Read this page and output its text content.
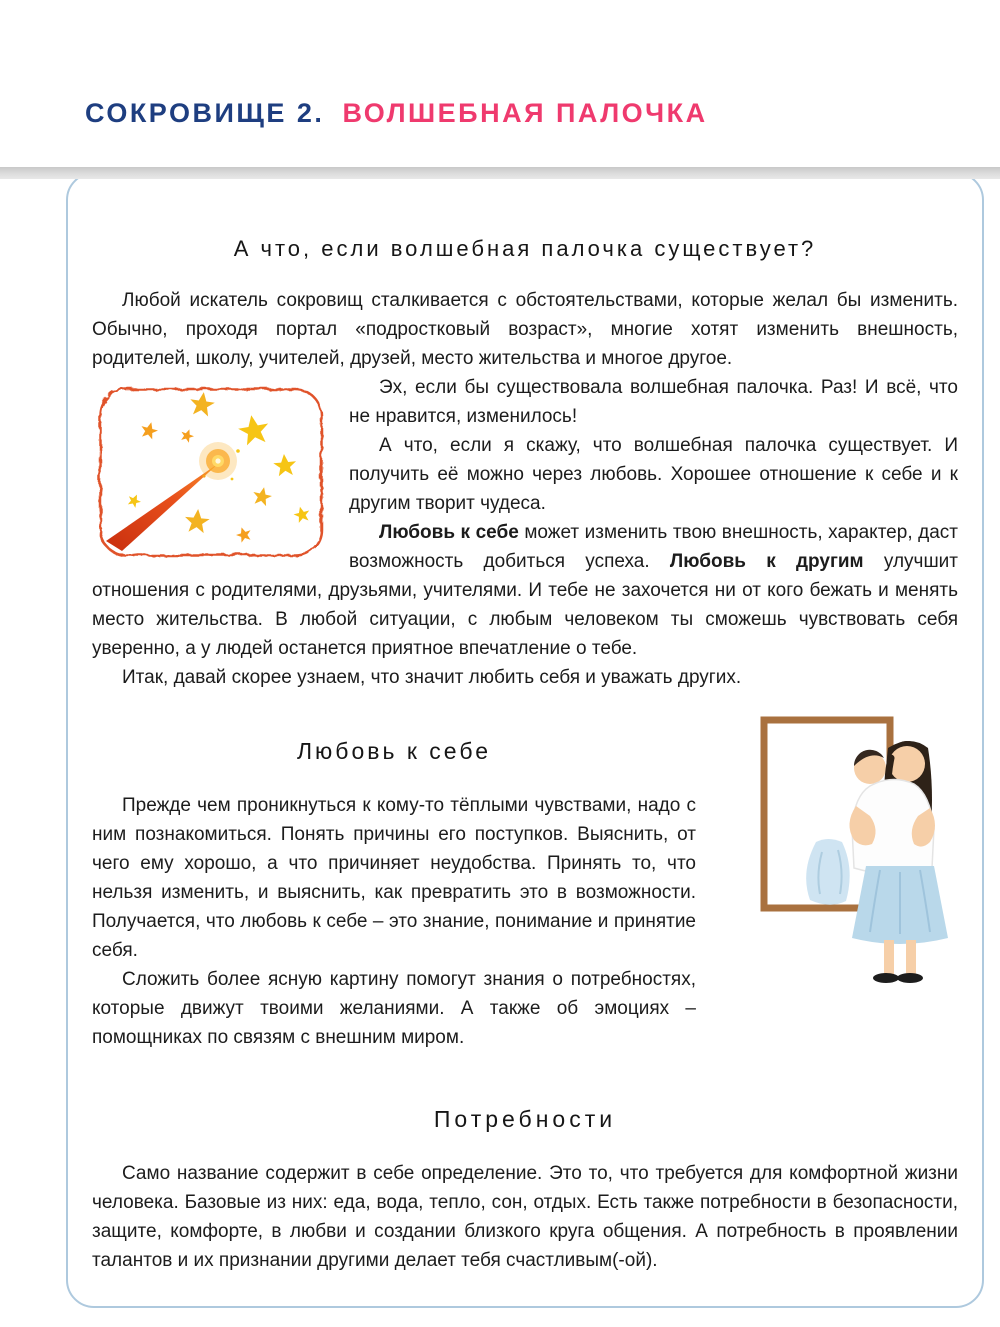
СОКРОВИЩЕ 2. ВОЛШЕБНАЯ ПАЛОЧКА
А что, если волшебная палочка существует?

Любой искатель сокровищ сталкивается с обстоятельствами, которые желал бы изменить. Обычно, проходя портал «подростковый возраст», многие хотят изменить внешность, родителей, школу, учителей, друзей, место жительства и многое другое.

Эх, если бы существовала волшебная палочка. Раз! И всё, что не нравится, изменилось!

А что, если я скажу, что волшебная палочка существует. И получить её можно через любовь. Хорошее отношение к себе и к другим творит чудеса.

Любовь к себе может изменить твою внешность, характер, даст возможность добиться успеха. Любовь к другим улучшит отношения с родителями, друзьями, учителями. И тебе не захочется ни от кого бежать и менять место жительства. В любой ситуации, с любым человеком ты сможешь чувствовать себя уверенно, а у людей останется приятное впечатление о тебе.

Итак, давай скорее узнаем, что значит любить себя и уважать других.

Любовь к себе

Прежде чем проникнуться к кому-то тёплыми чувствами, надо с ним познакомиться. Понять причины его поступков. Выяснить, от чего ему хорошо, а что причиняет неудобства. Принять то, что нельзя изменить, и выяснить, как превратить это в возможности. Получается, что любовь к себе – это знание, понимание и принятие себя.

Сложить более ясную картину помогут знания о потребностях, которые движут твоими желаниями. А также об эмоциях – помощниках по связям с внешним миром.

Потребности

Само название содержит в себе определение. Это то, что требуется для комфортной жизни человека. Базовые из них: еда, вода, тепло, сон, отдых. Есть также потребности в безопасности, защите, комфорте, в любви и создании близкого круга общения. А потребность в проявлении талантов и их признании другими делает тебя счастливым(-ой).
